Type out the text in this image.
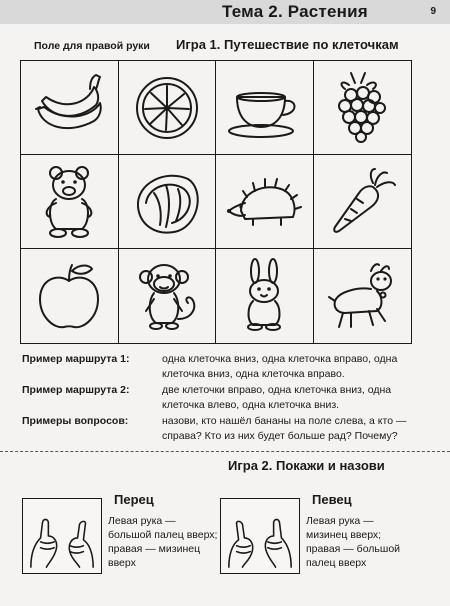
Тема 2. Растения	9
Поле для правой руки Игра 1. Путешествие по клеточкам
Пример маршрута 1:	одна клеточка вниз, одна клеточка вправо, одна клеточка вниз, одна клеточка вправо.
Пример маршрута 2:	две клеточки вправо, одна клеточка вниз, одна клеточка влево, одна клеточка вниз.
Примеры вопросов:	назови, кто нашёл бананы на поле слева, а кто — справа? Кто из них будет больше рад? Почему?
Игра 2. Покажи и назови
Перец
Левая рука — большой палец вверх; правая — мизинец вверх
Певец
Левая рука — мизинец вверх; правая — большой палец вверх
